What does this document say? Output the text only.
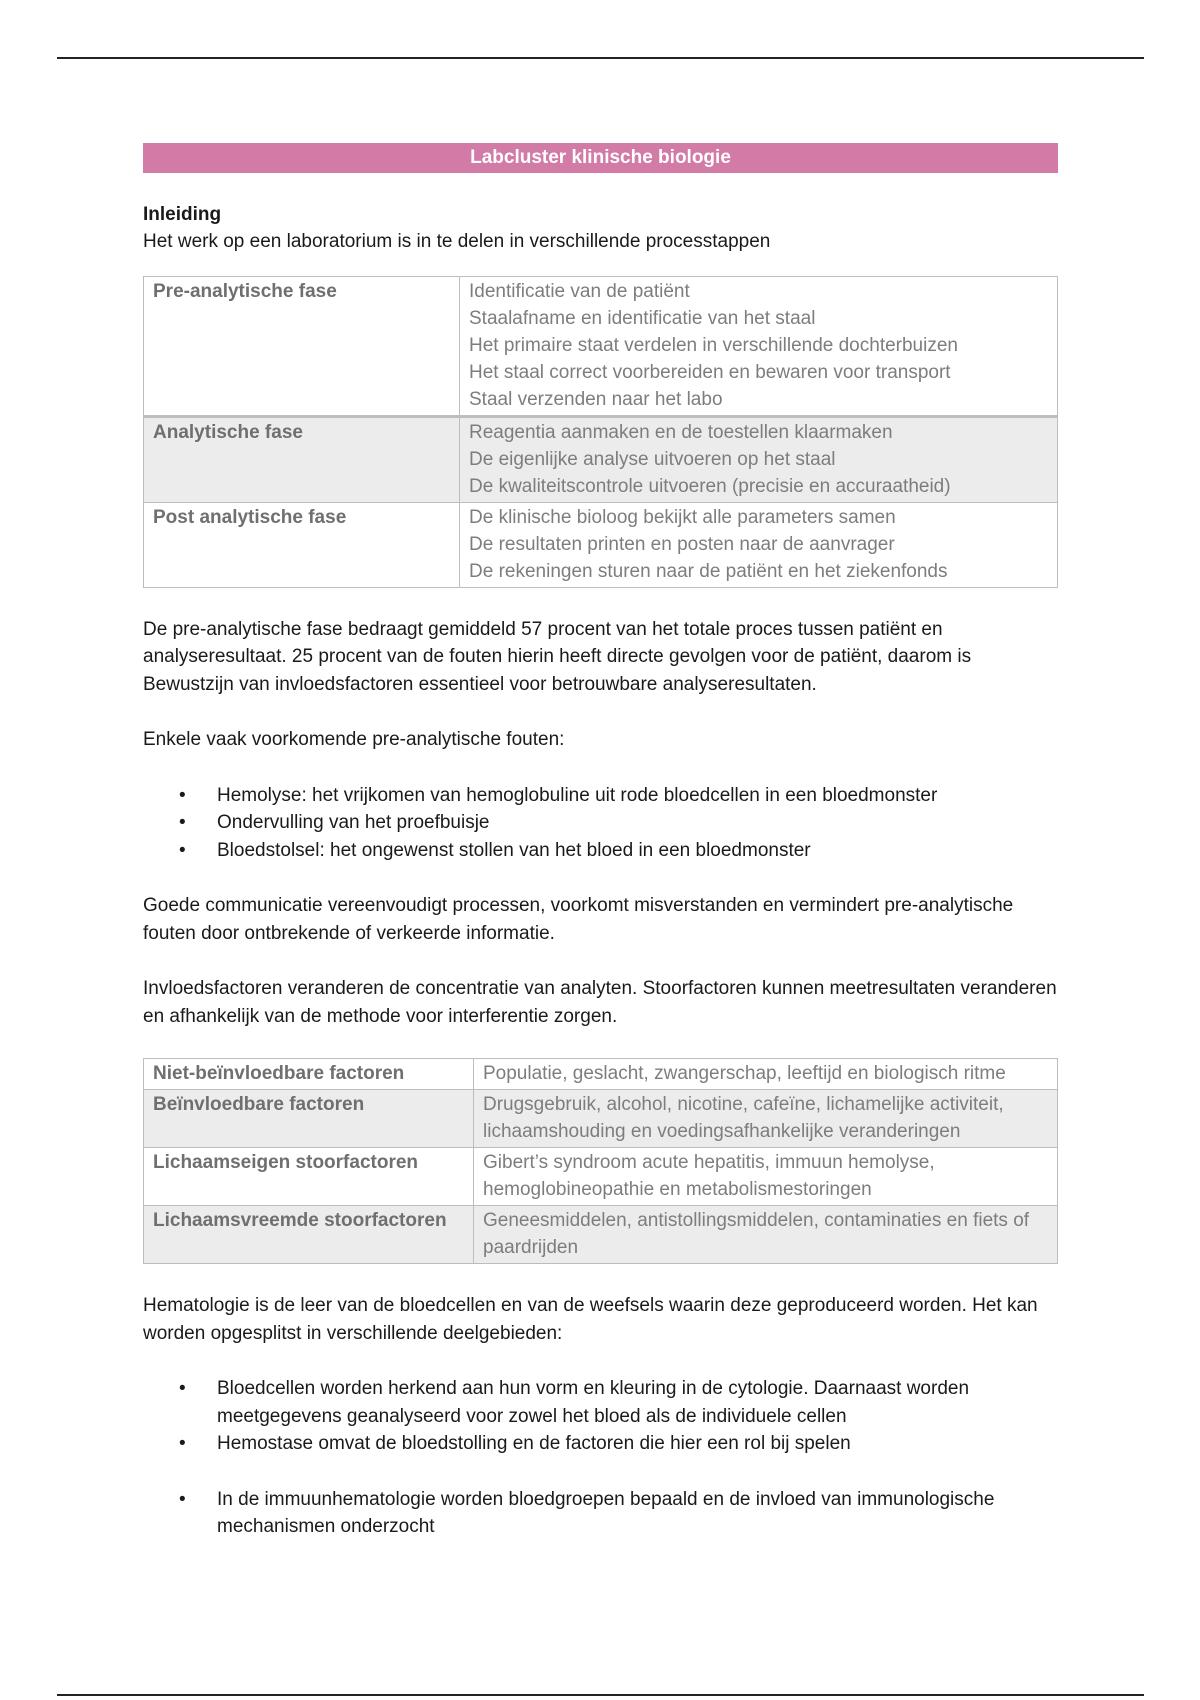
Labcluster klinische biologie
Inleiding

Het werk op een laboratorium is in te delen in verschillende processtappen

Pre-analytische fase	Identificatie van de patiënt
Staalafname en identificatie van het staal
Het primaire staat verdelen in verschillende dochterbuizen
Het staal correct voorbereiden en bewaren voor transport
Staal verzenden naar het labo

Analytische fase	Reagentia aanmaken en de toestellen klaarmaken
De eigenlijke analyse uitvoeren op het staal
De kwaliteitscontrole uitvoeren (precisie en accuraatheid)

Post analytische fase	De klinische bioloog bekijkt alle parameters samen
De resultaten printen en posten naar de aanvrager
De rekeningen sturen naar de patiënt en het ziekenfonds

De pre-analytische fase bedraagt gemiddeld 57 procent van het totale proces tussen patiënt en analyseresultaat. 25 procent van de fouten hierin heeft directe gevolgen voor de patiënt, daarom is Bewustzijn van invloedsfactoren essentieel voor betrouwbare analyseresultaten.

Enkele vaak voorkomende pre-analytische fouten:

• Hemolyse: het vrijkomen van hemoglobuline uit rode bloedcellen in een bloedmonster
• Ondervulling van het proefbuisje
• Bloedstolsel: het ongewenst stollen van het bloed in een bloedmonster

Goede communicatie vereenvoudigt processen, voorkomt misverstanden en vermindert pre-analytische fouten door ontbrekende of verkeerde informatie.

Invloedsfactoren veranderen de concentratie van analyten. Stoorfactoren kunnen meetresultaten veranderen en afhankelijk van de methode voor interferentie zorgen.

Niet-beïnvloedbare factoren	Populatie, geslacht, zwangerschap, leeftijd en biologisch ritme
Beïnvloedbare factoren	Drugsgebruik, alcohol, nicotine, cafeïne, lichamelijke activiteit, lichaamshouding en voedingsafhankelijke veranderingen
Lichaamseigen stoorfactoren	Gibert’s syndroom acute hepatitis, immuun hemolyse, hemoglobineopathie en metabolismestoringen
Lichaamsvreemde stoorfactoren	Geneesmiddelen, antistollingsmiddelen, contaminaties en fiets of paardrijden

Hematologie is de leer van de bloedcellen en van de weefsels waarin deze geproduceerd worden. Het kan worden opgesplitst in verschillende deelgebieden:

• Bloedcellen worden herkend aan hun vorm en kleuring in de cytologie. Daarnaast worden meetgegevens geanalyseerd voor zowel het bloed als de individuele cellen
• Hemostase omvat de bloedstolling en de factoren die hier een rol bij spelen
• In de immuunhematologie worden bloedgroepen bepaald en de invloed van immunologische mechanismen onderzocht
